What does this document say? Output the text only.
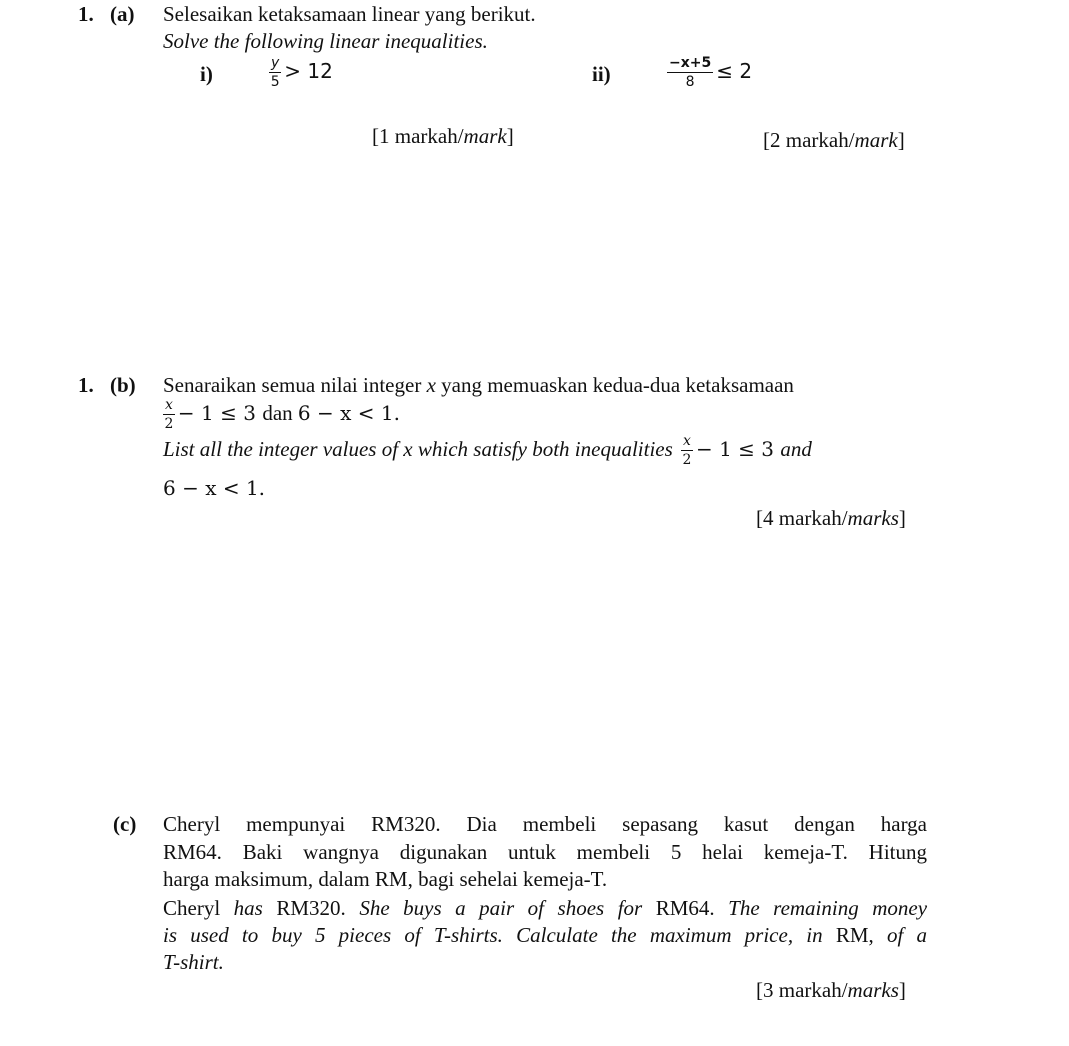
1. (a) Selesaikan ketaksamaan linear yang berikut.
Solve the following linear inequalities.
i)	$\frac{y}{5} > 12$	ii)	$\frac{-x+5}{8} \le 2$
[1 markah/mark]	[2 markah/mark]
1. (b) Senaraikan semua nilai integer x yang memuaskan kedua-dua ketaksamaan
$\frac{x}{2} - 1 \le 3$ dan 6 − x < 1.
List all the integer values of x which satisfy both inequalities $\frac{x}{2} - 1 \le 3$ and
6 − x < 1.
[4 markah/marks]
(c) Cheryl mempunyai RM320. Dia membeli sepasang kasut dengan harga
RM64. Baki wangnya digunakan untuk membeli 5 helai kemeja-T. Hitung
harga maksimum, dalam RM, bagi sehelai kemeja-T.
Cheryl has RM320. She buys a pair of shoes for RM64. The remaining money
is used to buy 5 pieces of T-shirts. Calculate the maximum price, in RM, of a
T-shirt.
[3 markah/marks]
